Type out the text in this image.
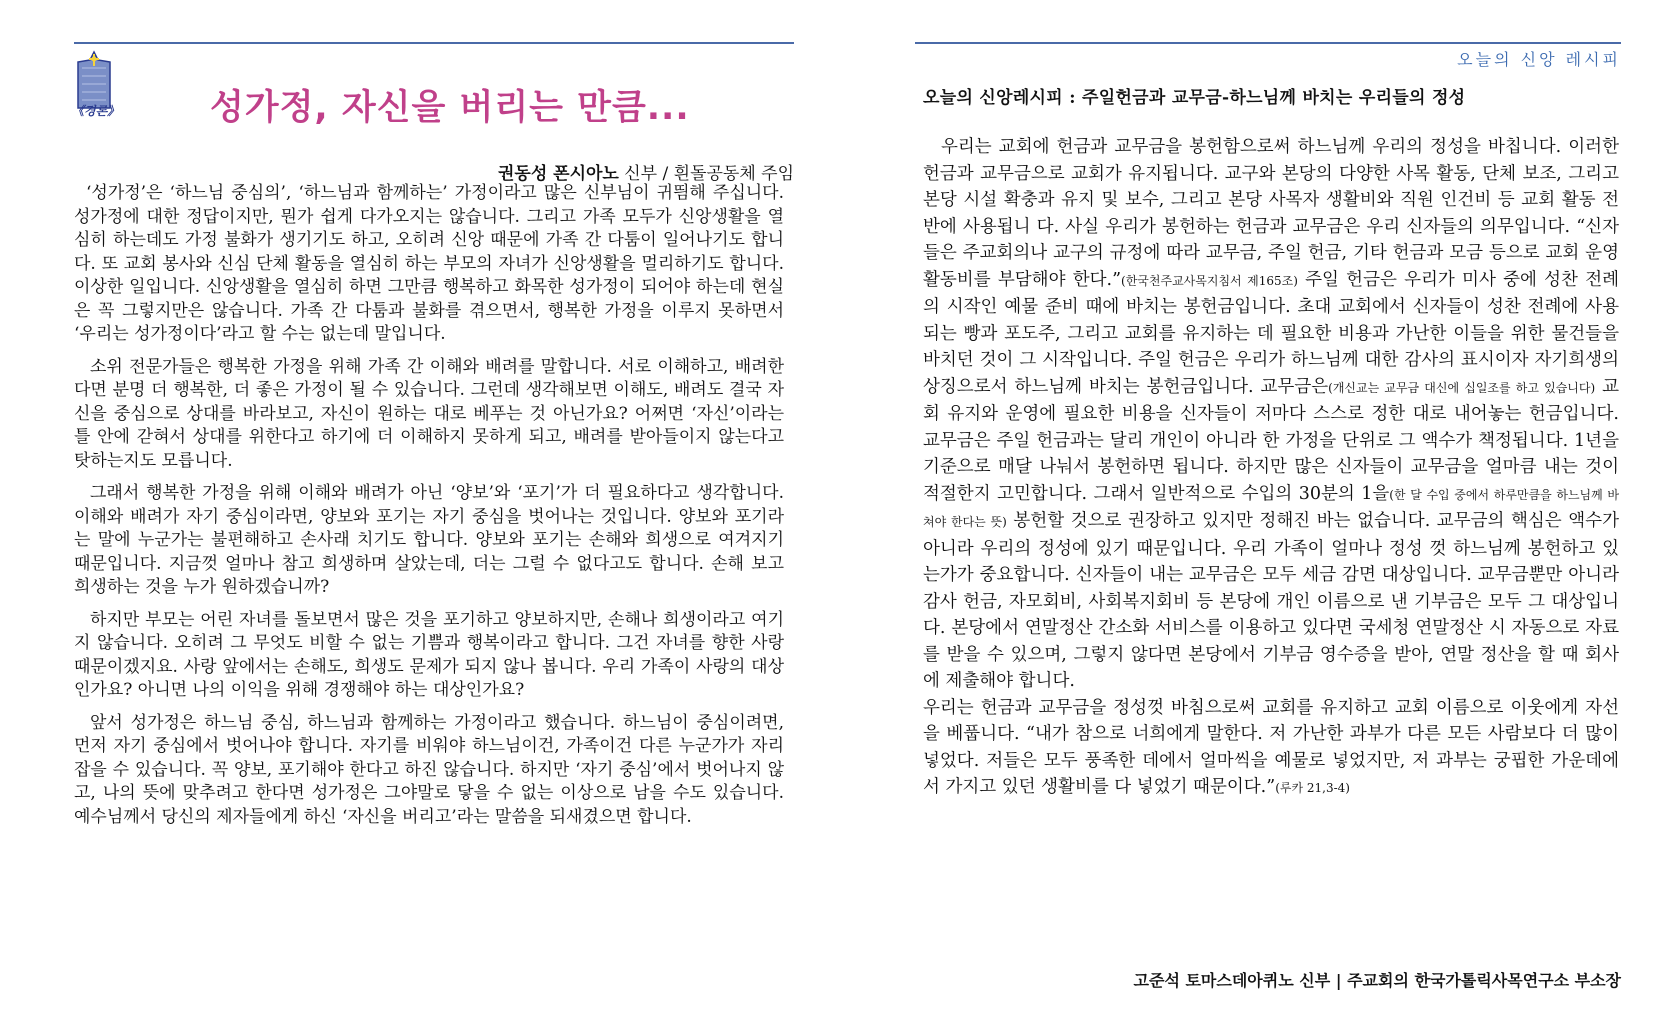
《경론》	성가정, 자신을 버리는 만큼...
권동성 폰시아노 신부 / 흰돌공동체 주임

‘성가정’은 ‘하느님 중심의’, ‘하느님과 함께하는’ 가정이라고 많은 신부님이 귀띔해 주십니다. 성가정에 대한 정답이지만, 뭔가 쉽게 다가오지는 않습니다. 그리고 가족 모두가 신앙생활을 열심히 하는데도 가정 불화가 생기기도 하고, 오히려 신앙 때문에 가족 간 다툼이 일어나기도 합니다. 또 교회 봉사와 신심 단체 활동을 열심히 하는 부모의 자녀가 신앙생활을 멀리하기도 합니다. 이상한 일입니다. 신앙생활을 열심히 하면 그만큼 행복하고 화목한 성가정이 되어야 하는데 현실은 꼭 그렇지만은 않습니다. 가족 간 다툼과 불화를 겪으면서, 행복한 가정을 이루지 못하면서 ‘우리는 성가정이다’라고 할 수는 없는데 말입니다.

소위 전문가들은 행복한 가정을 위해 가족 간 이해와 배려를 말합니다. 서로 이해하고, 배려한다면 분명 더 행복한, 더 좋은 가정이 될 수 있습니다. 그런데 생각해보면 이해도, 배려도 결국 자신을 중심으로 상대를 바라보고, 자신이 원하는 대로 베푸는 것 아닌가요? 어쩌면 ‘자신’이라는 틀 안에 갇혀서 상대를 위한다고 하기에 더 이해하지 못하게 되고, 배려를 받아들이지 않는다고 탓하는지도 모릅니다.

그래서 행복한 가정을 위해 이해와 배려가 아닌 ‘양보’와 ‘포기’가 더 필요하다고 생각합니다. 이해와 배려가 자기 중심이라면, 양보와 포기는 자기 중심을 벗어나는 것입니다. 양보와 포기라는 말에 누군가는 불편해하고 손사래 치기도 합니다. 양보와 포기는 손해와 희생으로 여겨지기 때문입니다. 지금껏 얼마나 참고 희생하며 살았는데, 더는 그럴 수 없다고도 합니다. 손해 보고 희생하는 것을 누가 원하겠습니까?

하지만 부모는 어린 자녀를 돌보면서 많은 것을 포기하고 양보하지만, 손해나 희생이라고 여기지 않습니다. 오히려 그 무엇도 비할 수 없는 기쁨과 행복이라고 합니다. 그건 자녀를 향한 사랑 때문이겠지요. 사랑 앞에서는 손해도, 희생도 문제가 되지 않나 봅니다. 우리 가족이 사랑의 대상인가요? 아니면 나의 이익을 위해 경쟁해야 하는 대상인가요?

앞서 성가정은 하느님 중심, 하느님과 함께하는 가정이라고 했습니다. 하느님이 중심이려면, 먼저 자기 중심에서 벗어나야 합니다. 자기를 비워야 하느님이건, 가족이건 다른 누군가가 자리잡을 수 있습니다. 꼭 양보, 포기해야 한다고 하진 않습니다. 하지만 ‘자기 중심’에서 벗어나지 않고, 나의 뜻에 맞추려고 한다면 성가정은 그야말로 닿을 수 없는 이상으로 남을 수도 있습니다. 예수님께서 당신의 제자들에게 하신 ‘자신을 버리고’라는 말씀을 되새겼으면 합니다.

오늘의 신앙 레시피
오늘의 신앙레시피 : 주일헌금과 교무금-하느님께 바치는 우리들의 정성

우리는 교회에 헌금과 교무금을 봉헌함으로써 하느님께 우리의 정성을 바칩니다. 이러한 헌금과 교무금으로 교회가 유지됩니다. 교구와 본당의 다양한 사목 활동, 단체 보조, 그리고 본당 시설 확충과 유지 및 보수, 그리고 본당 사목자 생활비와 직원 인건비 등 교회 활동 전반에 사용됩니 다. 사실 우리가 봉헌하는 헌금과 교무금은 우리 신자들의 의무입니다. “신자들은 주교회의나 교구의 규정에 따라 교무금, 주일 헌금, 기타 헌금과 모금 등으로 교회 운영활동비를 부담해야 한다.”(한국천주교사목지침서 제165조) 주일 헌금은 우리가 미사 중에 성찬 전례의 시작인 예물 준비 때에 바치는 봉헌금입니다. 초대 교회에서 신자들이 성찬 전례에 사용되는 빵과 포도주, 그리고 교회를 유지하는 데 필요한 비용과 가난한 이들을 위한 물건들을 바치던 것이 그 시작입니다. 주일 헌금은 우리가 하느님께 대한 감사의 표시이자 자기희생의 상징으로서 하느님께 바치는 봉헌금입니다. 교무금은(개신교는 교무금 대신에 십일조를 하고 있습니다) 교회 유지와 운영에 필요한 비용을 신자들이 저마다 스스로 정한 대로 내어놓는 헌금입니다. 교무금은 주일 헌금과는 달리 개인이 아니라 한 가정을 단위로 그 액수가 책정됩니다. 1년을 기준으로 매달 나눠서 봉헌하면 됩니다. 하지만 많은 신자들이 교무금을 얼마큼 내는 것이 적절한지 고민합니다. 그래서 일반적으로 수입의 30분의 1을(한 달 수입 중에서 하루만큼을 하느님께 바쳐야 한다는 뜻) 봉헌할 것으로 권장하고 있지만 정해진 바는 없습니다. 교무금의 핵심은 액수가 아니라 우리의 정성에 있기 때문입니다. 우리 가족이 얼마나 정성 껏 하느님께 봉헌하고 있는가가 중요합니다. 신자들이 내는 교무금은 모두 세금 감면 대상입니다. 교무금뿐만 아니라 감사 헌금, 자모회비, 사회복지회비 등 본당에 개인 이름으로 낸 기부금은 모두 그 대상입니다. 본당에서 연말정산 간소화 서비스를 이용하고 있다면 국세청 연말정산 시 자동으로 자료를 받을 수 있으며, 그렇지 않다면 본당에서 기부금 영수증을 받아, 연말 정산을 할 때 회사에 제출해야 합니다.

우리는 헌금과 교무금을 정성껏 바침으로써 교회를 유지하고 교회 이름으로 이웃에게 자선을 베풉니다. “내가 참으로 너희에게 말한다. 저 가난한 과부가 다른 모든 사람보다 더 많이 넣었다. 저들은 모두 풍족한 데에서 얼마씩을 예물로 넣었지만, 저 과부는 궁핍한 가운데에서 가지고 있던 생활비를 다 넣었기 때문이다.”(루카 21,3-4)

고준석 토마스데아퀴노 신부 | 주교회의 한국가톨릭사목연구소 부소장
